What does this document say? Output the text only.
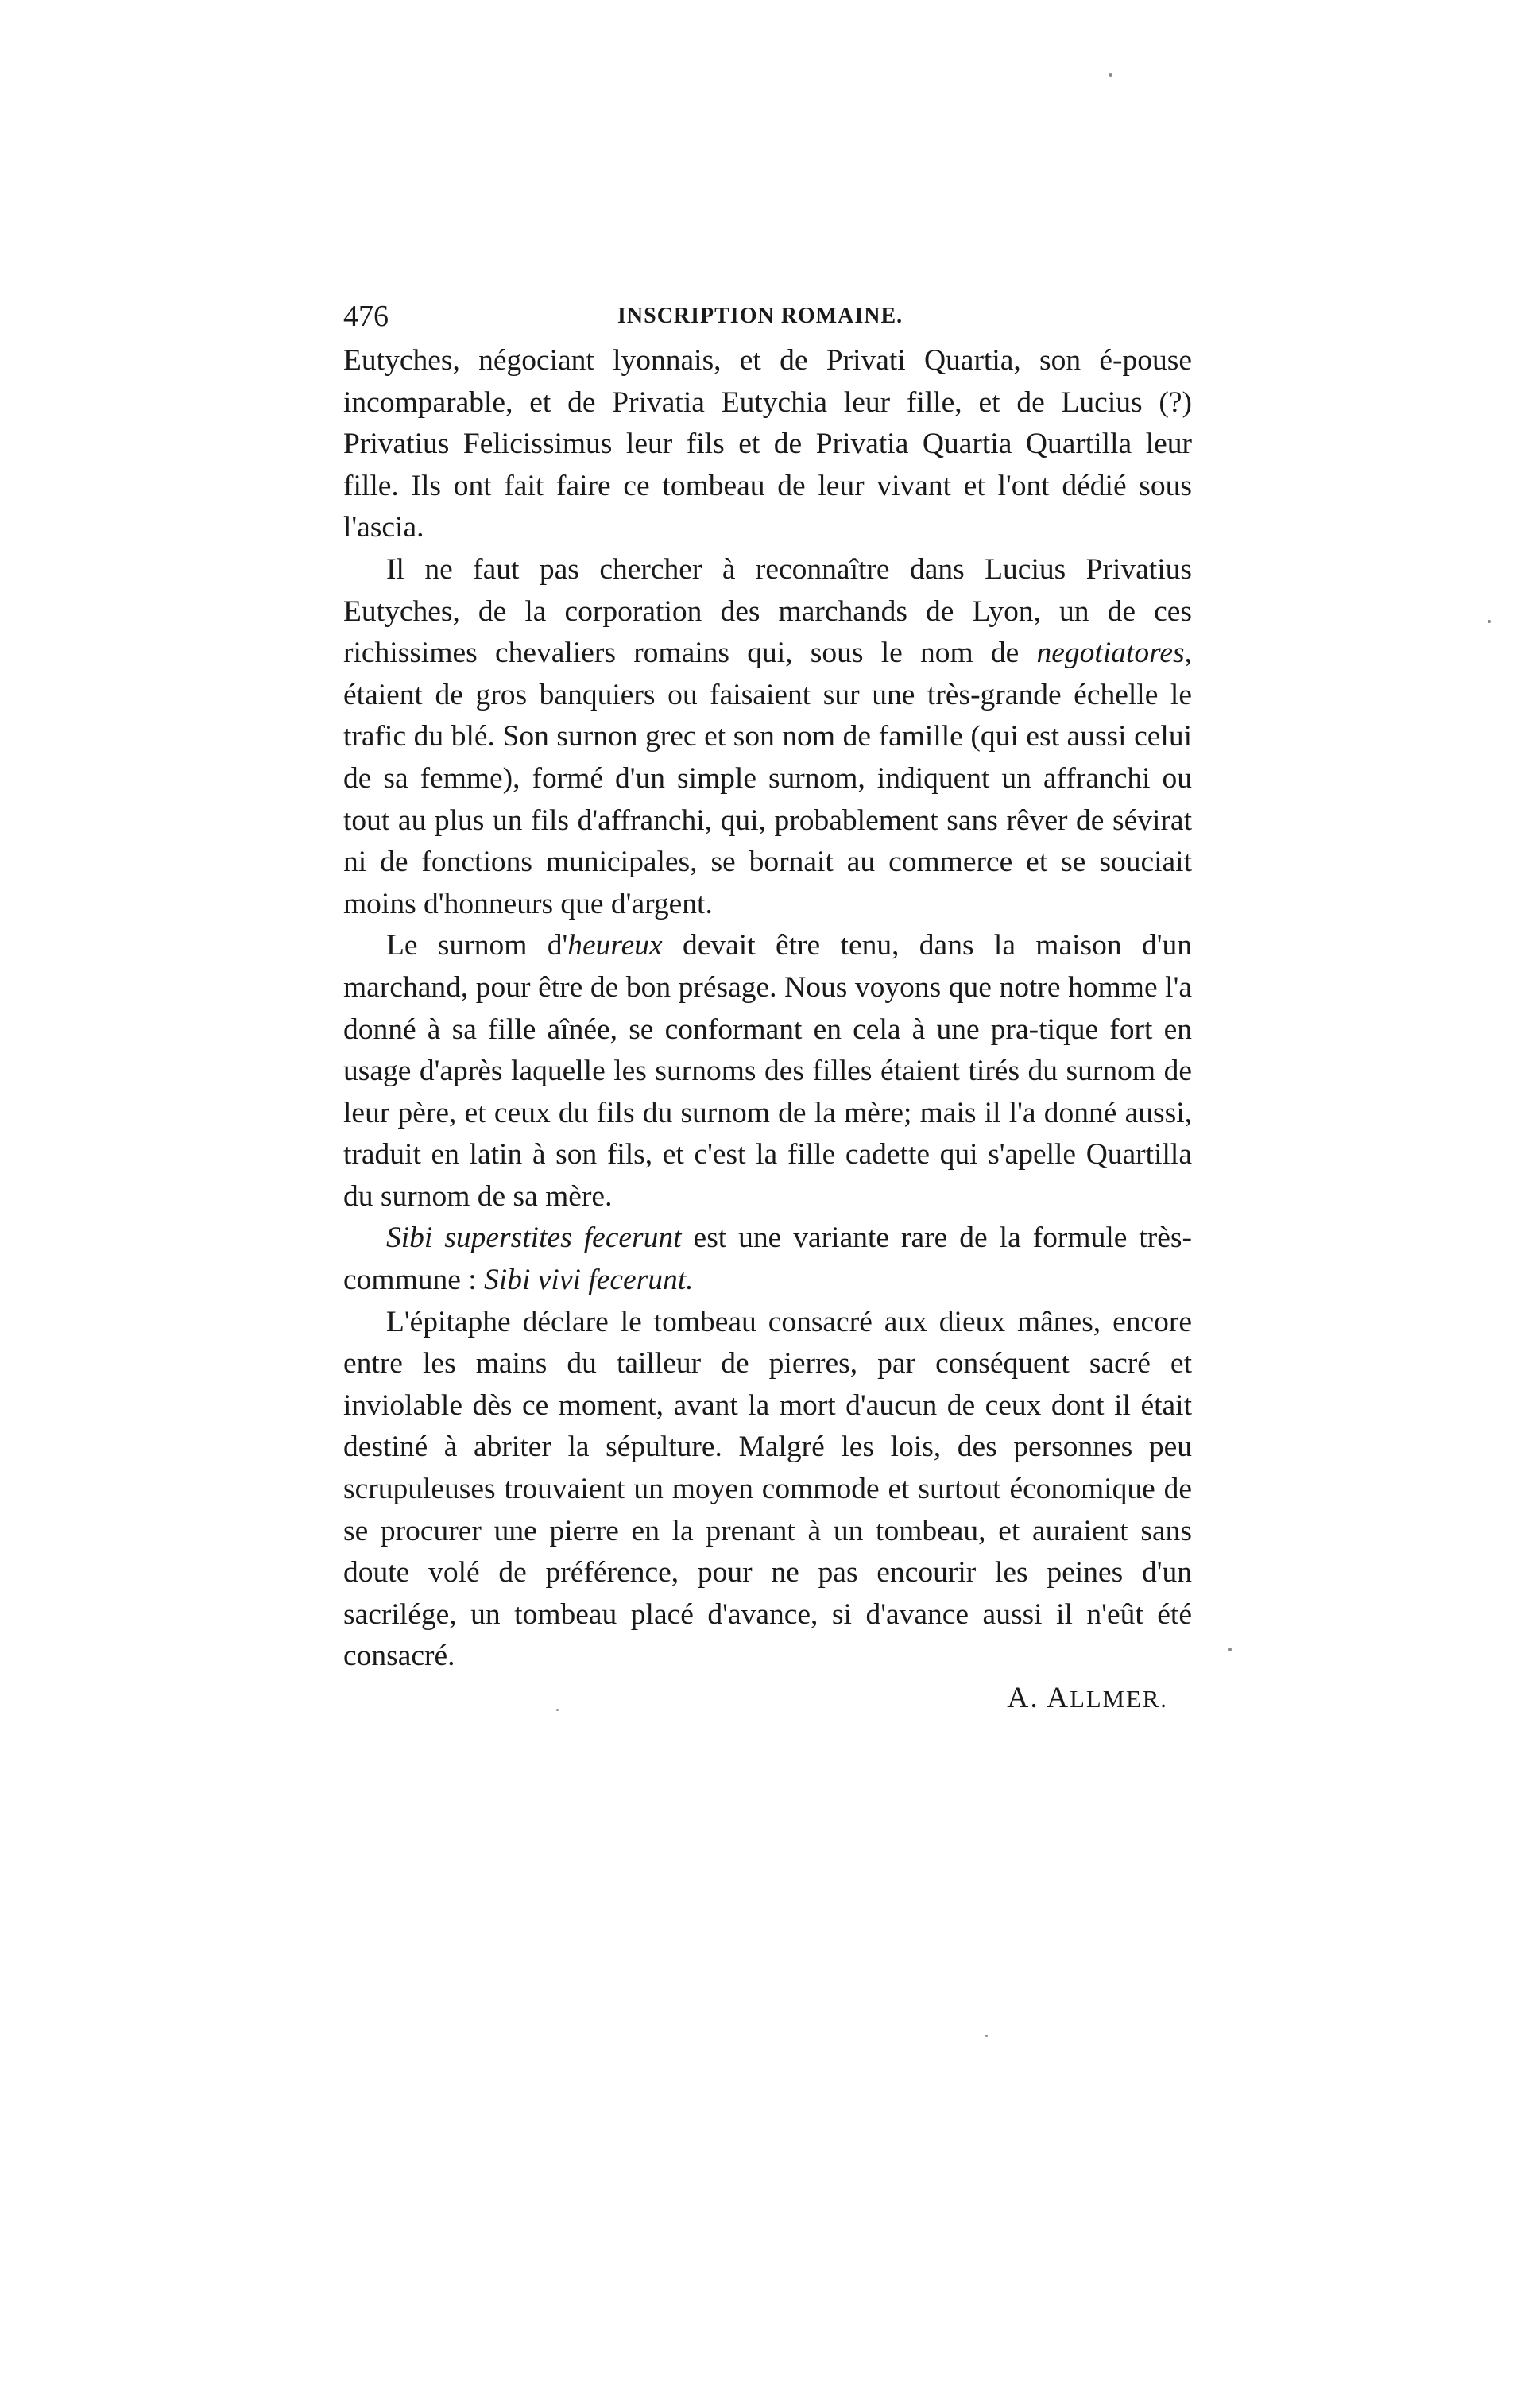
476	INSCRIPTION ROMAINE.

Eutyches, négociant lyonnais, et de Privati Quartia, son é-pouse incomparable, et de Privatia Eutychia leur fille, et de Lucius (?) Privatius Felicissimus leur fils et de Privatia Quartia Quartilla leur fille. Ils ont fait faire ce tombeau de leur vivant et l'ont dédié sous l'ascia.

Il ne faut pas chercher à reconnaître dans Lucius Privatius Eutyches, de la corporation des marchands de Lyon, un de ces richissimes chevaliers romains qui, sous le nom de negotiatores, étaient de gros banquiers ou faisaient sur une très-grande échelle le trafic du blé. Son surnon grec et son nom de famille (qui est aussi celui de sa femme), formé d'un simple surnom, indiquent un affranchi ou tout au plus un fils d'affranchi, qui, probablement sans rêver de sévirat ni de fonctions municipales, se bornait au commerce et se souciait moins d'honneurs que d'argent.

Le surnom d'heureux devait être tenu, dans la maison d'un marchand, pour être de bon présage. Nous voyons que notre homme l'a donné à sa fille aînée, se conformant en cela à une pra-tique fort en usage d'après laquelle les surnoms des filles étaient tirés du surnom de leur père, et ceux du fils du surnom de la mère; mais il l'a donné aussi, traduit en latin à son fils, et c'est la fille cadette qui s'apelle Quartilla du surnom de sa mère.

Sibi superstites fecerunt est une variante rare de la formule très-commune : Sibi vivi fecerunt.

L'épitaphe déclare le tombeau consacré aux dieux mânes, encore entre les mains du tailleur de pierres, par conséquent sacré et inviolable dès ce moment, avant la mort d'aucun de ceux dont il était destiné à abriter la sépulture. Malgré les lois, des personnes peu scrupuleuses trouvaient un moyen commode et surtout économique de se procurer une pierre en la prenant à un tombeau, et auraient sans doute volé de préférence, pour ne pas encourir les peines d'un sacrilége, un tombeau placé d'avance, si d'avance aussi il n'eût été consacré.

A. ALLMER.
